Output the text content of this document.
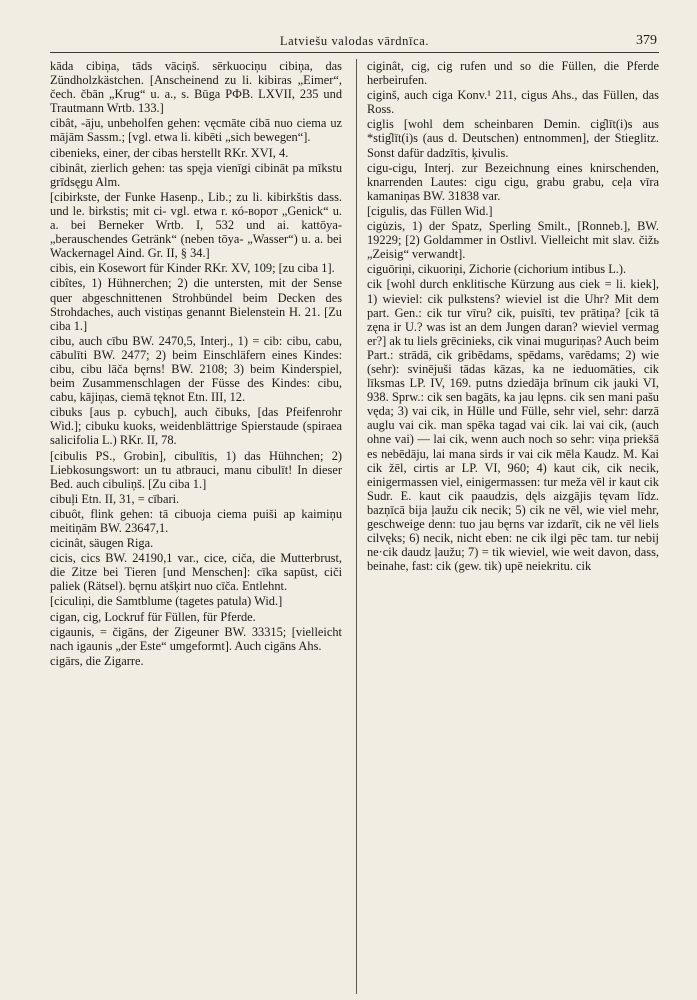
Latviešu valodas vārdnīca.	379

kāda cibiņa, tāds vāciņš. sērkuociņu cibiņa, das Zündholzkästchen. [Anscheinend zu li. kibiras „Eimer“, čech. čbān „Krug“ u. a., s. Būga PФB. LXVII, 235 und Trautmann Wrtb. 133.]

cibât, -āju, unbeholfen gehen: vęcmāte cibā nuo ciema uz mājām Sassm.; [vgl. etwa li. kibēti „sich bewegen“].

cibenieks, einer, der cibas herstellt RKr. XVI, 4.

cibinât, zierlich gehen: tas spęja vienīgi cibināt pa mīkstu grīdsęgu Alm.

[cibirkste, der Funke Hasenp., Lib.; zu li. kibirkštis dass. und le. birkstis; mit ci- vgl. etwa r. кó-ворот „Genick“ u. a. bei Berneker Wrtb. I, 532 und ai. kattōya- „berauschendes Getränk“ (neben tōya- „Wasser“) u. a. bei Wackernagel Aind. Gr. II, § 34.]

cibis, ein Kosewort für Kinder RKr. XV, 109; [zu ciba 1].

cibîtes, 1) Hühnerchen; 2) die untersten, mit der Sense quer abgeschnittenen Strohbündel beim Decken des Strohdaches, auch vistiņas genannt Bielenstein H. 21. [Zu ciba 1.]

cibu, auch cību BW. 2470,5, Interj., 1) = cib: cibu, cabu, cābulīti BW. 2477; 2) beim Einschläfern eines Kindes: cibu, cibu lāča bęrns! BW. 2108; 3) beim Kinderspiel, beim Zusammenschlagen der Füsse des Kindes: cibu, cabu, kājiņas, ciemā tęknot Etn. III, 12.

cibuks [aus p. cybuch], auch čibuks, [das Pfeifenrohr Wid.]; cibuku kuoks, weidenblättrige Spierstaude (spiraea salicifolia L.) RKr. II, 78.

[cibulis PS., Grobin], cibulītis, 1) das Hühnchen; 2) Liebkosungswort: un tu atbrauci, manu cibulīt! In dieser Bed. auch cibuliņš. [Zu ciba 1.]

cibuļi Etn. II, 31, = cībari.

cibuôt, flink gehen: tā cibuoja ciema puiši ap kaimiņu meitiņām BW. 23647,1.

cicinât, säugen Riga.

cicis, cics BW. 24190,1 var., cice, ciča, die Mutterbrust, die Zitze bei Tieren [und Menschen]: cīka sapūst, ciči paliek (Rätsel). bęrnu atšķirt nuo cīča. Entlehnt.

[ciculiņi, die Samtblume (tagetes patula) Wid.]

cigan, cig, Lockruf für Füllen, für Pferde.

cigaunis, = čigāns, der Zigeuner BW. 33315; [vielleicht nach igaunis „der Este“ umgeformt]. Auch cigāns Ahs.

cigārs, die Zigarre.

ciginât, cig, cig rufen und so die Füllen, die Pferde herbeirufen.

ciginš, auch ciga Konv.¹ 211, cigus Ahs., das Füllen, das Ross.

ciglis [wohl dem scheinbaren Demin. cig̑līt(i)s aus *stig̑līt(i)s (aus d. Deutschen) entnommen], der Stieglitz. Sonst dafür dadzītis, ķivulis.

cigu-cigu, Interj. zur Bezeichnung eines knirschenden, knarrenden Lautes: cigu cigu, grabu grabu, ceļa vīra kamaniņas BW. 31838 var.

[cigulis, das Füllen Wid.]

cigu̇zis, 1) der Spatz, Sperling Smilt., [Ronneb.], BW. 19229; [2) Goldammer in Ostlivl. Vielleicht mit slav. čižь „Zeisig“ verwandt].

ciguōriņi, cikuoriņi, Zichorie (cichorium intibus L.).

cik [wohl durch enklitische Kürzung aus ciek = li. kiek], 1) wieviel: cik pulkstens? wieviel ist die Uhr? Mit dem part. Gen.: cik tur vīru? cik, puisīti, tev prātiņa? [cik tā zęna ir U.? was ist an dem Jungen daran? wieviel vermag er?] ak tu liels grēcinieks, cik vinai muguriņas? Auch beim Part.: strādā, cik gribēdams, spēdams, varēdams; 2) wie (sehr): svinējuši tādas kāzas, ka ne ieduomāties, cik līksmas LP. IV, 169. putns dziedāja brīnum cik jauki VI, 938. Sprw.: cik sen bagāts, ka jau lępns. cik sen mani pašu vęda; 3) vai cik, in Hülle und Fülle, sehr viel, sehr: darzā auglu vai cik. man spēka tagad vai cik. lai vai cik, (auch ohne vai) — lai cik, wenn auch noch so sehr: viņa priekšā es nebēdāju, lai mana sirds ir vai cik mēla Kaudz. M. Kai cik žēl, cirtis ar LP. VI, 960; 4) kaut cik, cik necik, einigermassen viel, einigermassen: tur meža vēl ir kaut cik Sudr. E. kaut cik paaudzis, dęls aizgājis tęvam līdz. bazņīcā bija ļaužu cik necik; 5) cik ne vēl, wie viel mehr, geschweige denn: tuo jau bęrns var izdarīt, cik ne vēl liels cilvęks; 6) necik, nicht eben: ne cik ilgi pēc tam. tur nebij ne·cik daudz ļaužu; 7) = tik wieviel, wie weit davon, dass, beinahe, fast: cik (gew. tik) upē neiekritu. cik
